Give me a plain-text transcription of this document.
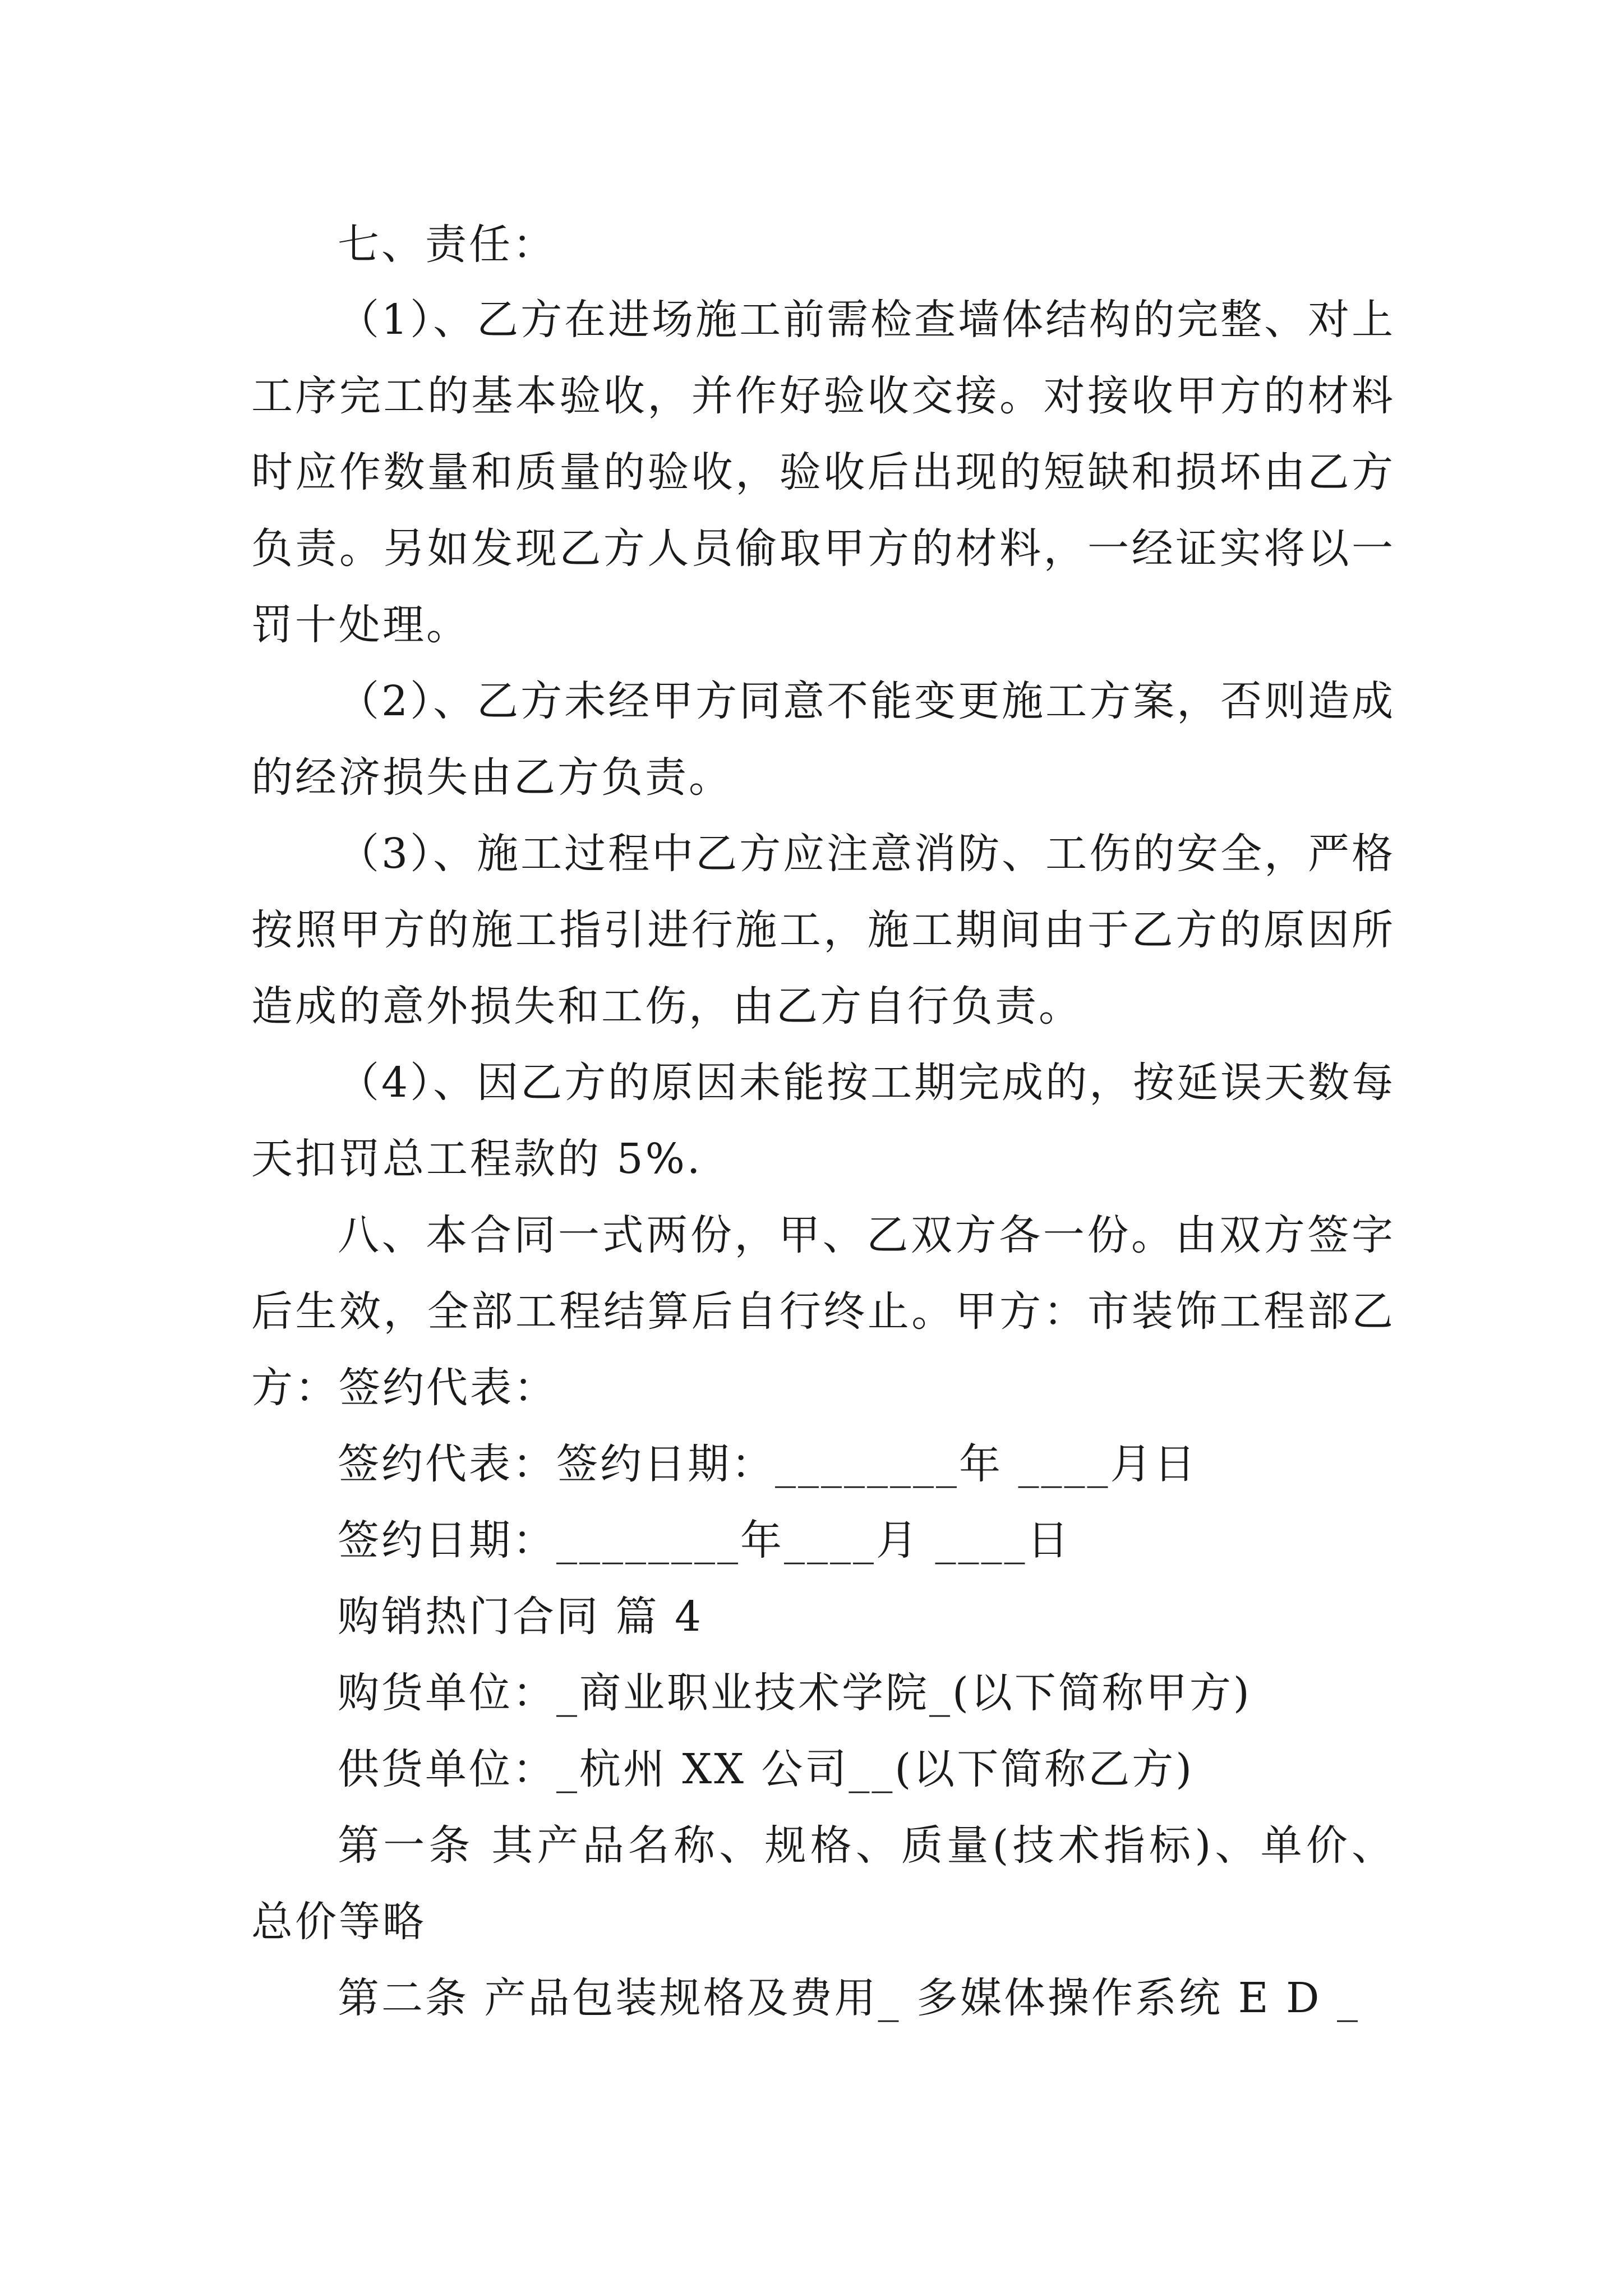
七、责任：
（1）、乙方在进场施工前需检查墙体结构的完整、对上
工序完工的基本验收，并作好验收交接。对接收甲方的材料
时应作数量和质量的验收，验收后出现的短缺和损坏由乙方
负责。另如发现乙方人员偷取甲方的材料，一经证实将以一
罚十处理。
（2）、乙方未经甲方同意不能变更施工方案，否则造成
的经济损失由乙方负责。
（3）、施工过程中乙方应注意消防、工伤的安全，严格
按照甲方的施工指引进行施工，施工期间由于乙方的原因所
造成的意外损失和工伤，由乙方自行负责。
（4）、因乙方的原因未能按工期完成的，按延误天数每
天扣罚总工程款的 5%.
八、本合同一式两份，甲、乙双方各一份。由双方签字
后生效，全部工程结算后自行终止。甲方：市装饰工程部乙
方：签约代表：
签约代表：签约日期：________年 ____月日
签约日期：________年____月 ____日
购销热门合同 篇 4
购货单位：_商业职业技术学院_(以下简称甲方)
供货单位：_杭州 XX 公司__(以下简称乙方)
第一条 其产品名称、规格、质量(技术指标)、单价、
总价等略
第二条 产品包装规格及费用_ 多媒体操作系统 E D _
